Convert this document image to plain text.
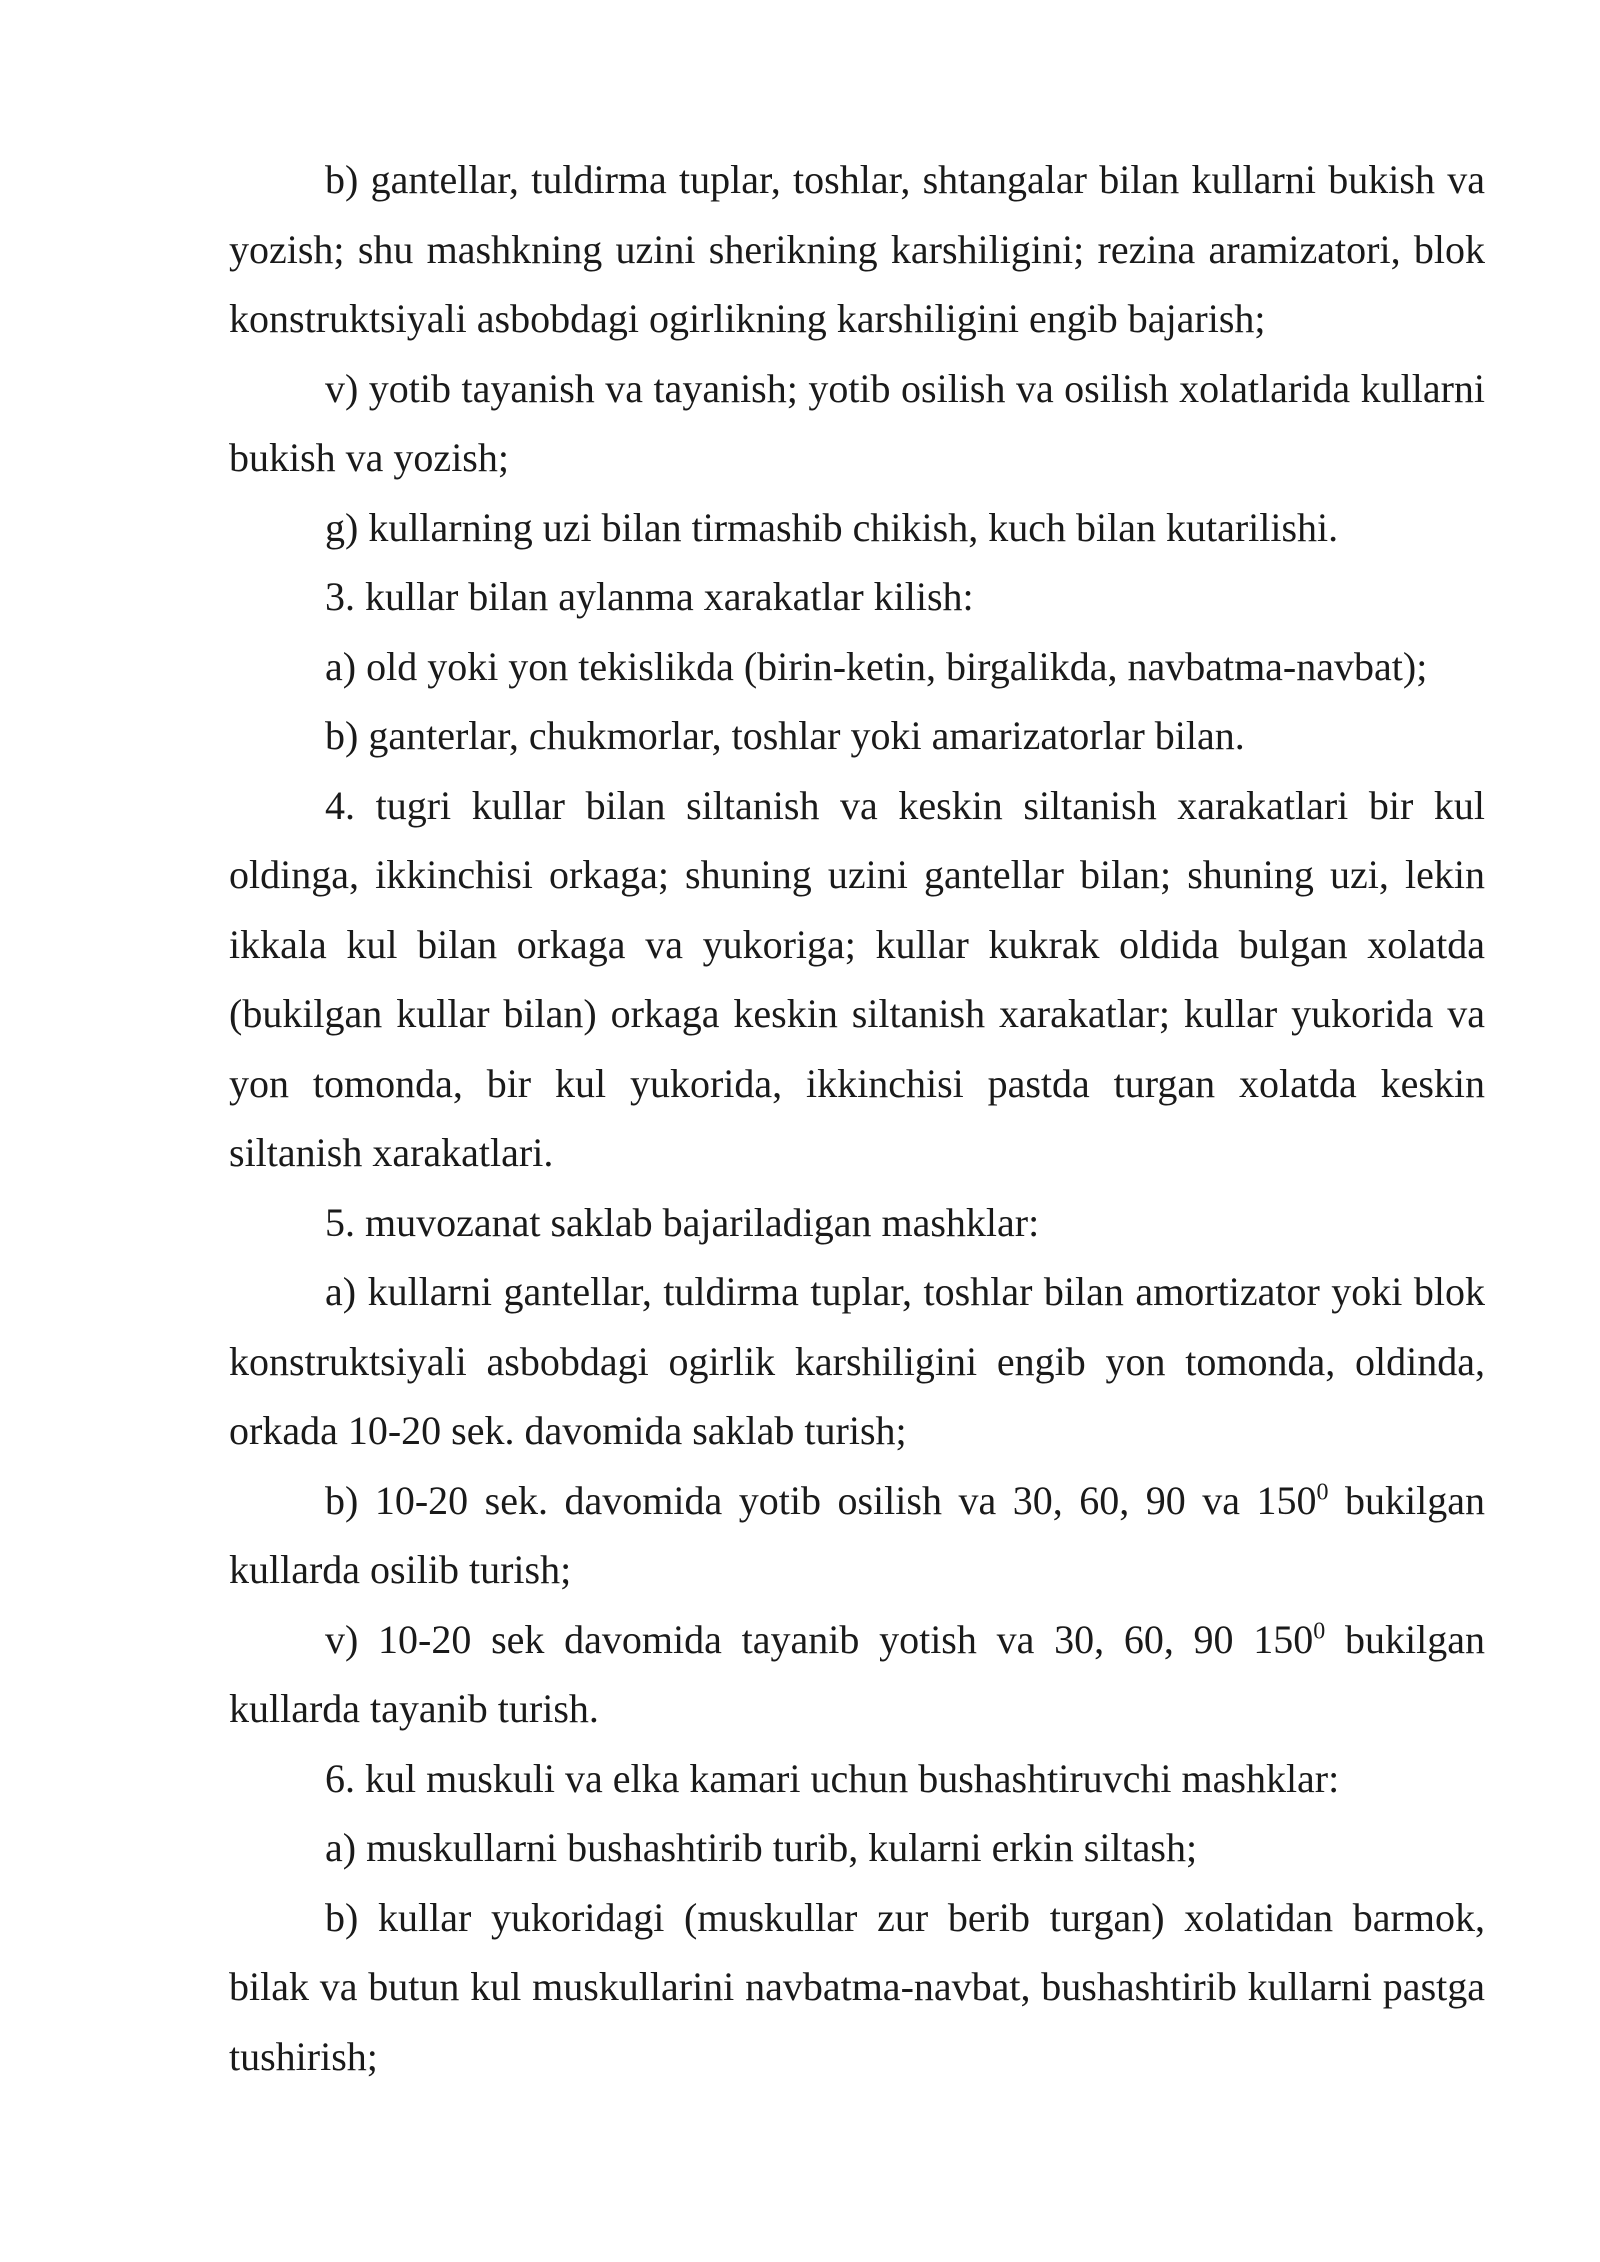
b) gantellar, tuldirma tuplar, toshlar, shtangalar bilan kullarni bukish va yozish; shu mashkning uzini sherikning karshiligini; rezina aramizatori, blok konstruktsiyali asbobdagi ogirlikning karshiligini engib bajarish;

v) yotib tayanish va tayanish; yotib osilish va osilish xolatlarida kullarni bukish va yozish;

g) kullarning uzi bilan tirmashib chikish, kuch bilan kutarilishi.

3. kullar bilan aylanma xarakatlar kilish:

a) old yoki yon tekislikda (birin-ketin, birgalikda, navbatma-navbat);

b) ganterlar, chukmorlar, toshlar yoki amarizatorlar bilan.

4. tugri kullar bilan siltanish va keskin siltanish xarakatlari bir kul oldinga, ikkinchisi orkaga; shuning uzini gantellar bilan; shuning uzi, lekin ikkala kul bilan orkaga va yukoriga; kullar kukrak oldida bulgan xolatda (bukilgan kullar bilan) orkaga keskin siltanish xarakatlar; kullar yukorida va yon tomonda, bir kul yukorida, ikkinchisi pastda turgan xolatda keskin siltanish xarakatlari.

5. muvozanat saklab bajariladigan mashklar:

a) kullarni gantellar, tuldirma tuplar, toshlar bilan amortizator yoki blok konstruktsiyali asbobdagi ogirlik karshiligini engib yon tomonda, oldinda, orkada 10-20 sek. davomida saklab turish;

b) 10-20 sek. davomida yotib osilish va 30, 60, 90 va $150^0$ bukilgan kullarda osilib turish;

v) 10-20 sek davomida tayanib yotish va 30, 60, 90 $150^0$ bukilgan kullarda tayanib turish.

6. kul muskuli va elka kamari uchun bushashtiruvchi mashklar:

a) muskullarni bushashtirib turib, kularni erkin siltash;

b) kullar yukoridagi (muskullar zur berib turgan) xolatidan barmok, bilak va butun kul muskullarini navbatma-navbat, bushashtirib kullarni pastga tushirish;
